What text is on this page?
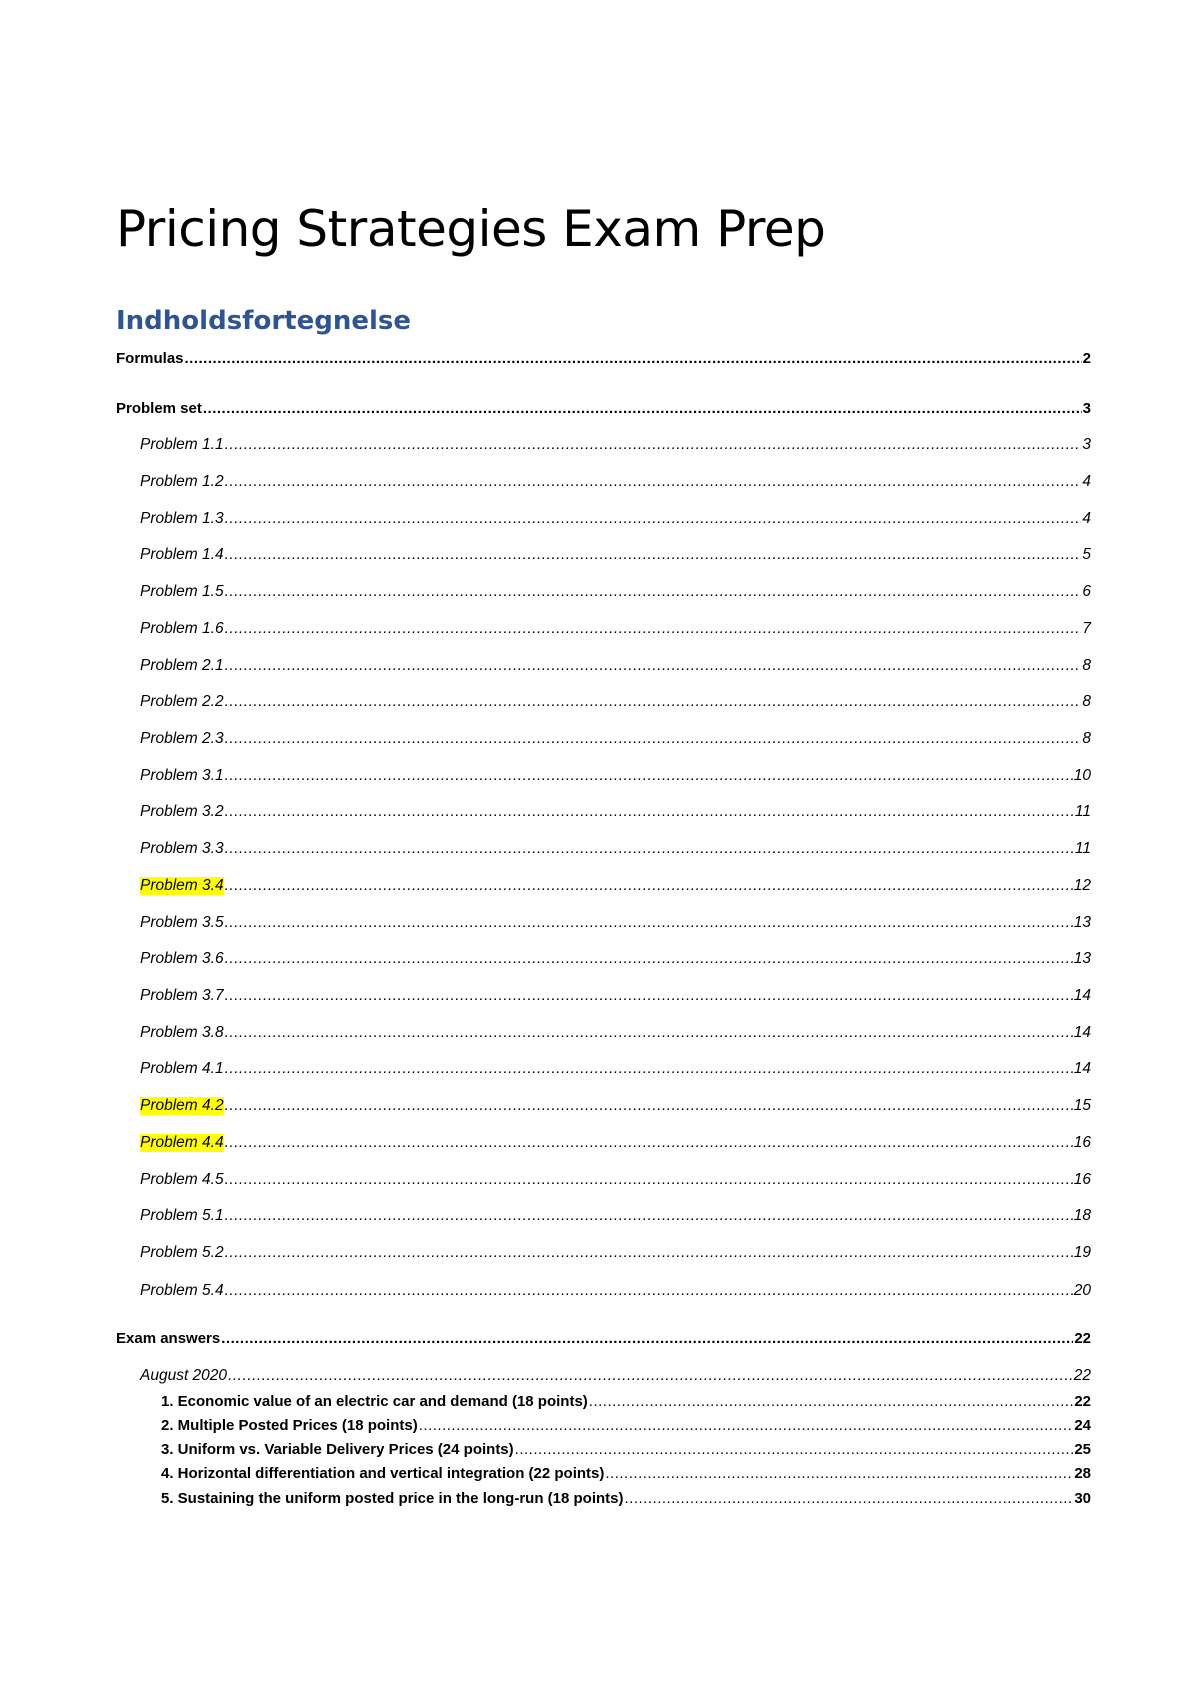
Pricing Strategies Exam Prep
Indholdsfortegnelse
Formulas .....	2
Problem set .....	3
Problem 1.1 .....	3
Problem 1.2 .....	4
Problem 1.3 .....	4
Problem 1.4 .....	5
Problem 1.5 .....	6
Problem 1.6 .....	7
Problem 2.1 .....	8
Problem 2.2 .....	8
Problem 2.3 .....	8
Problem 3.1 .....	10
Problem 3.2 .....	11
Problem 3.3 .....	11
Problem 3.4 .....	12
Problem 3.5 .....	13
Problem 3.6 .....	13
Problem 3.7 .....	14
Problem 3.8 .....	14
Problem 4.1 .....	14
Problem 4.2 .....	15
Problem 4.4 .....	16
Problem 4.5 .....	16
Problem 5.1 .....	18
Problem 5.2 .....	19
Problem 5.4 .....	20
Exam answers .....	22
August 2020 .....	22
1. Economic value of an electric car and demand (18 points) .....	22
2. Multiple Posted Prices (18 points) .....	24
3. Uniform vs. Variable Delivery Prices (24 points) .....	25
4. Horizontal differentiation and vertical integration (22 points) .....	28
5. Sustaining the uniform posted price in the long-run (18 points) .....	30
